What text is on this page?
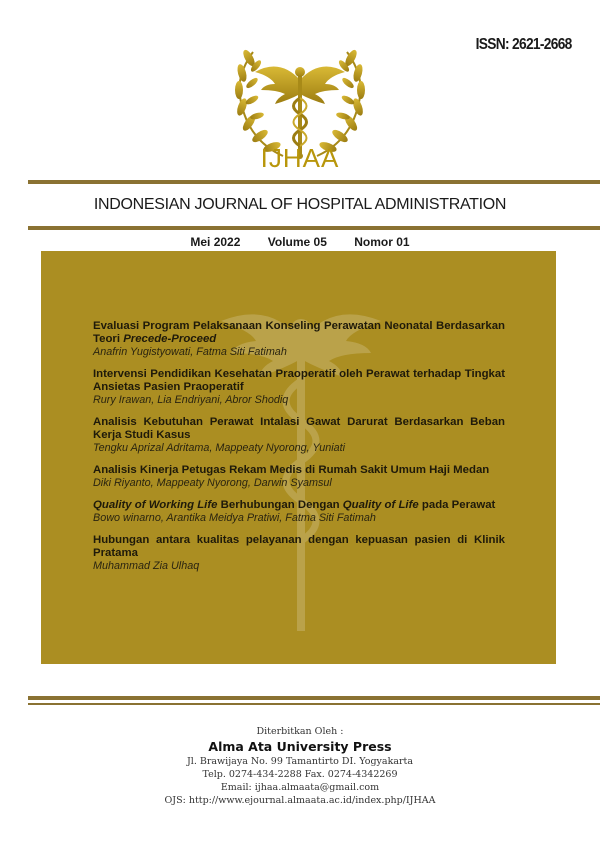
ISSN: 2621-2668
IJHAA
INDONESIAN JOURNAL OF HOSPITAL ADMINISTRATION
Mei 2022 Volume 05 Nomor 01
Evaluasi Program Pelaksanaan Konseling Perawatan Neonatal Berdasarkan Teori Precede-Proceed
Anafrin Yugistyowati, Fatma Siti Fatimah
Intervensi Pendidikan Kesehatan Praoperatif oleh Perawat terhadap Tingkat Ansietas Pasien Praoperatif
Rury Irawan, Lia Endriyani, Abror Shodiq
Analisis Kebutuhan Perawat Intalasi Gawat Darurat Berdasarkan Beban Kerja Studi Kasus
Tengku Aprizal Adritama, Mappeaty Nyorong, Yuniati
Analisis Kinerja Petugas Rekam Medis di Rumah Sakit Umum Haji Medan
Diki Riyanto, Mappeaty Nyorong, Darwin Syamsul
Quality of Working Life Berhubungan Dengan Quality of Life pada Perawat
Bowo winarno, Arantika Meidya Pratiwi, Fatma Siti Fatimah
Hubungan antara kualitas pelayanan dengan kepuasan pasien di Klinik Pratama
Muhammad Zia Ulhaq
Diterbitkan Oleh :
Alma Ata University Press
Jl. Brawijaya No. 99 Tamantirto DI. Yogyakarta
Telp. 0274-434-2288 Fax. 0274-4342269
Email: ijhaa.almaata@gmail.com
OJS: http://www.ejournal.almaata.ac.id/index.php/IJHAA
